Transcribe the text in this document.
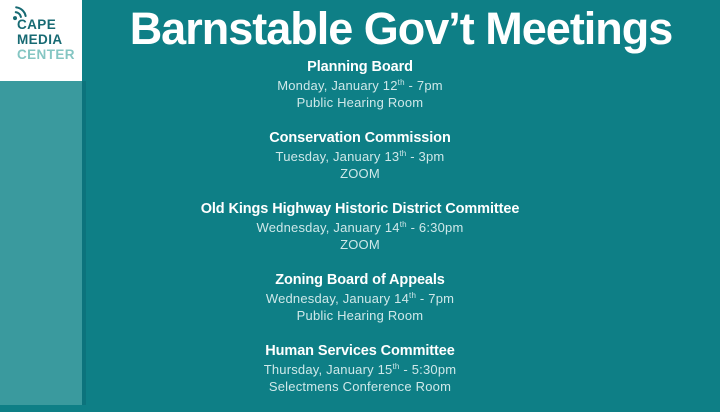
CAPE
MEDIA
CENTER
Barnstable Gov’t Meetings
Planning Board
Monday, January 12th - 7pm
Public Hearing Room
Conservation Commission
Tuesday, January 13th - 3pm
ZOOM
Old Kings Highway Historic District Committee
Wednesday, January 14th - 6:30pm
ZOOM
Zoning Board of Appeals
Wednesday, January 14th - 7pm
Public Hearing Room
Human Services Committee
Thursday, January 15th - 5:30pm
Selectmens Conference Room
